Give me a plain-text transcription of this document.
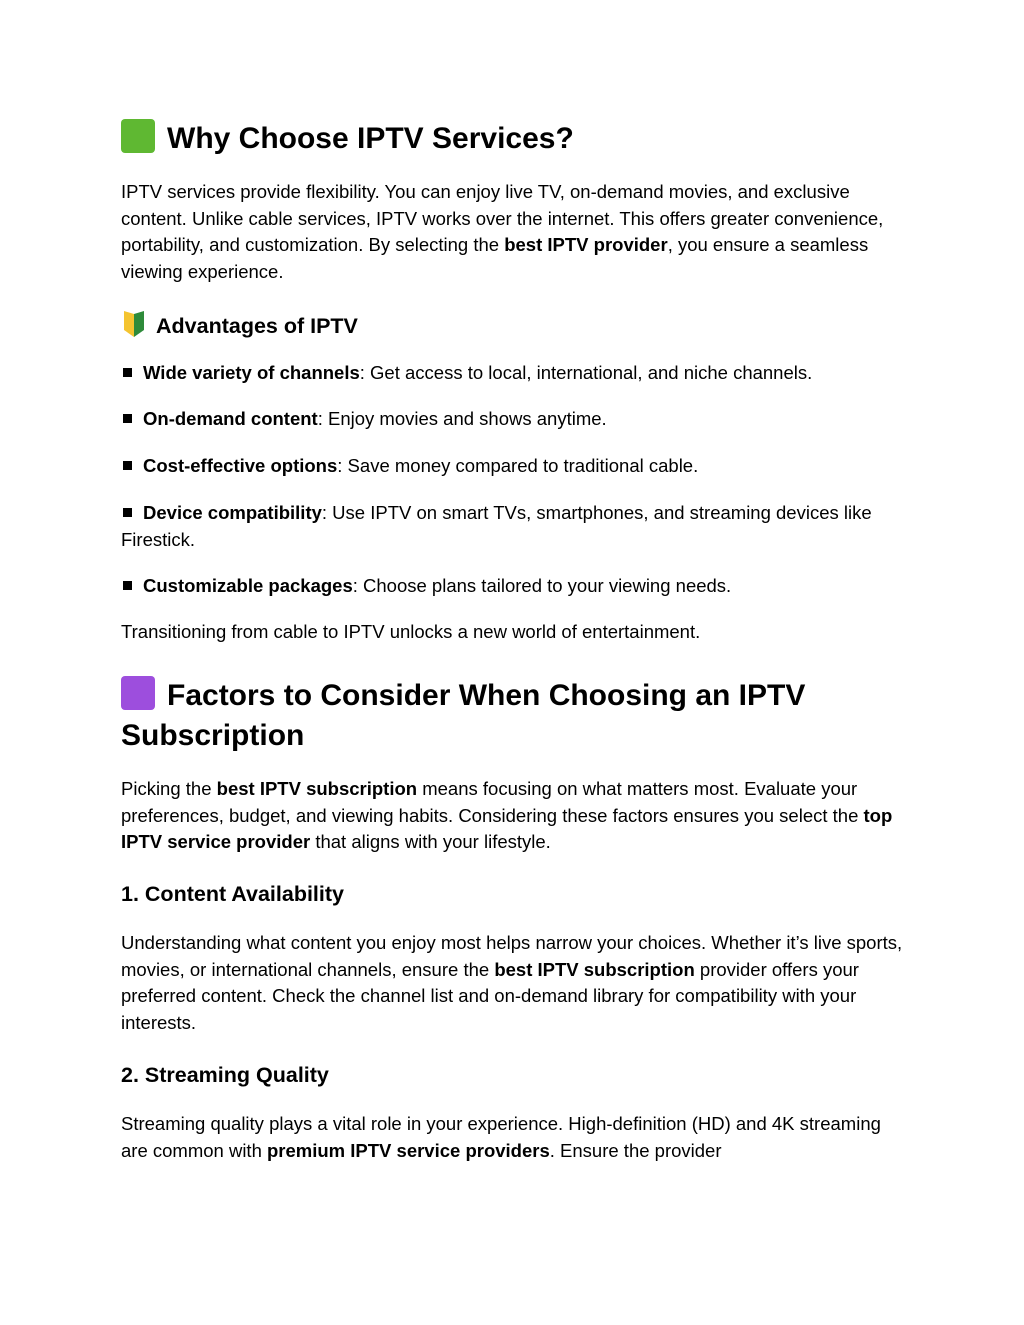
Why Choose IPTV Services?

IPTV services provide flexibility. You can enjoy live TV, on-demand movies, and exclusive content. Unlike cable services, IPTV works over the internet. This offers greater convenience, portability, and customization. By selecting the best IPTV provider, you ensure a seamless viewing experience.

Advantages of IPTV

Wide variety of channels: Get access to local, international, and niche channels.

On-demand content: Enjoy movies and shows anytime.

Cost-effective options: Save money compared to traditional cable.

Device compatibility: Use IPTV on smart TVs, smartphones, and streaming devices like Firestick.

Customizable packages: Choose plans tailored to your viewing needs.

Transitioning from cable to IPTV unlocks a new world of entertainment.

Factors to Consider When Choosing an IPTV Subscription

Picking the best IPTV subscription means focusing on what matters most. Evaluate your preferences, budget, and viewing habits. Considering these factors ensures you select the top IPTV service provider that aligns with your lifestyle.

1. Content Availability

Understanding what content you enjoy most helps narrow your choices. Whether it’s live sports, movies, or international channels, ensure the best IPTV subscription provider offers your preferred content. Check the channel list and on-demand library for compatibility with your interests.

2. Streaming Quality

Streaming quality plays a vital role in your experience. High-definition (HD) and 4K streaming are common with premium IPTV service providers. Ensure the provider
